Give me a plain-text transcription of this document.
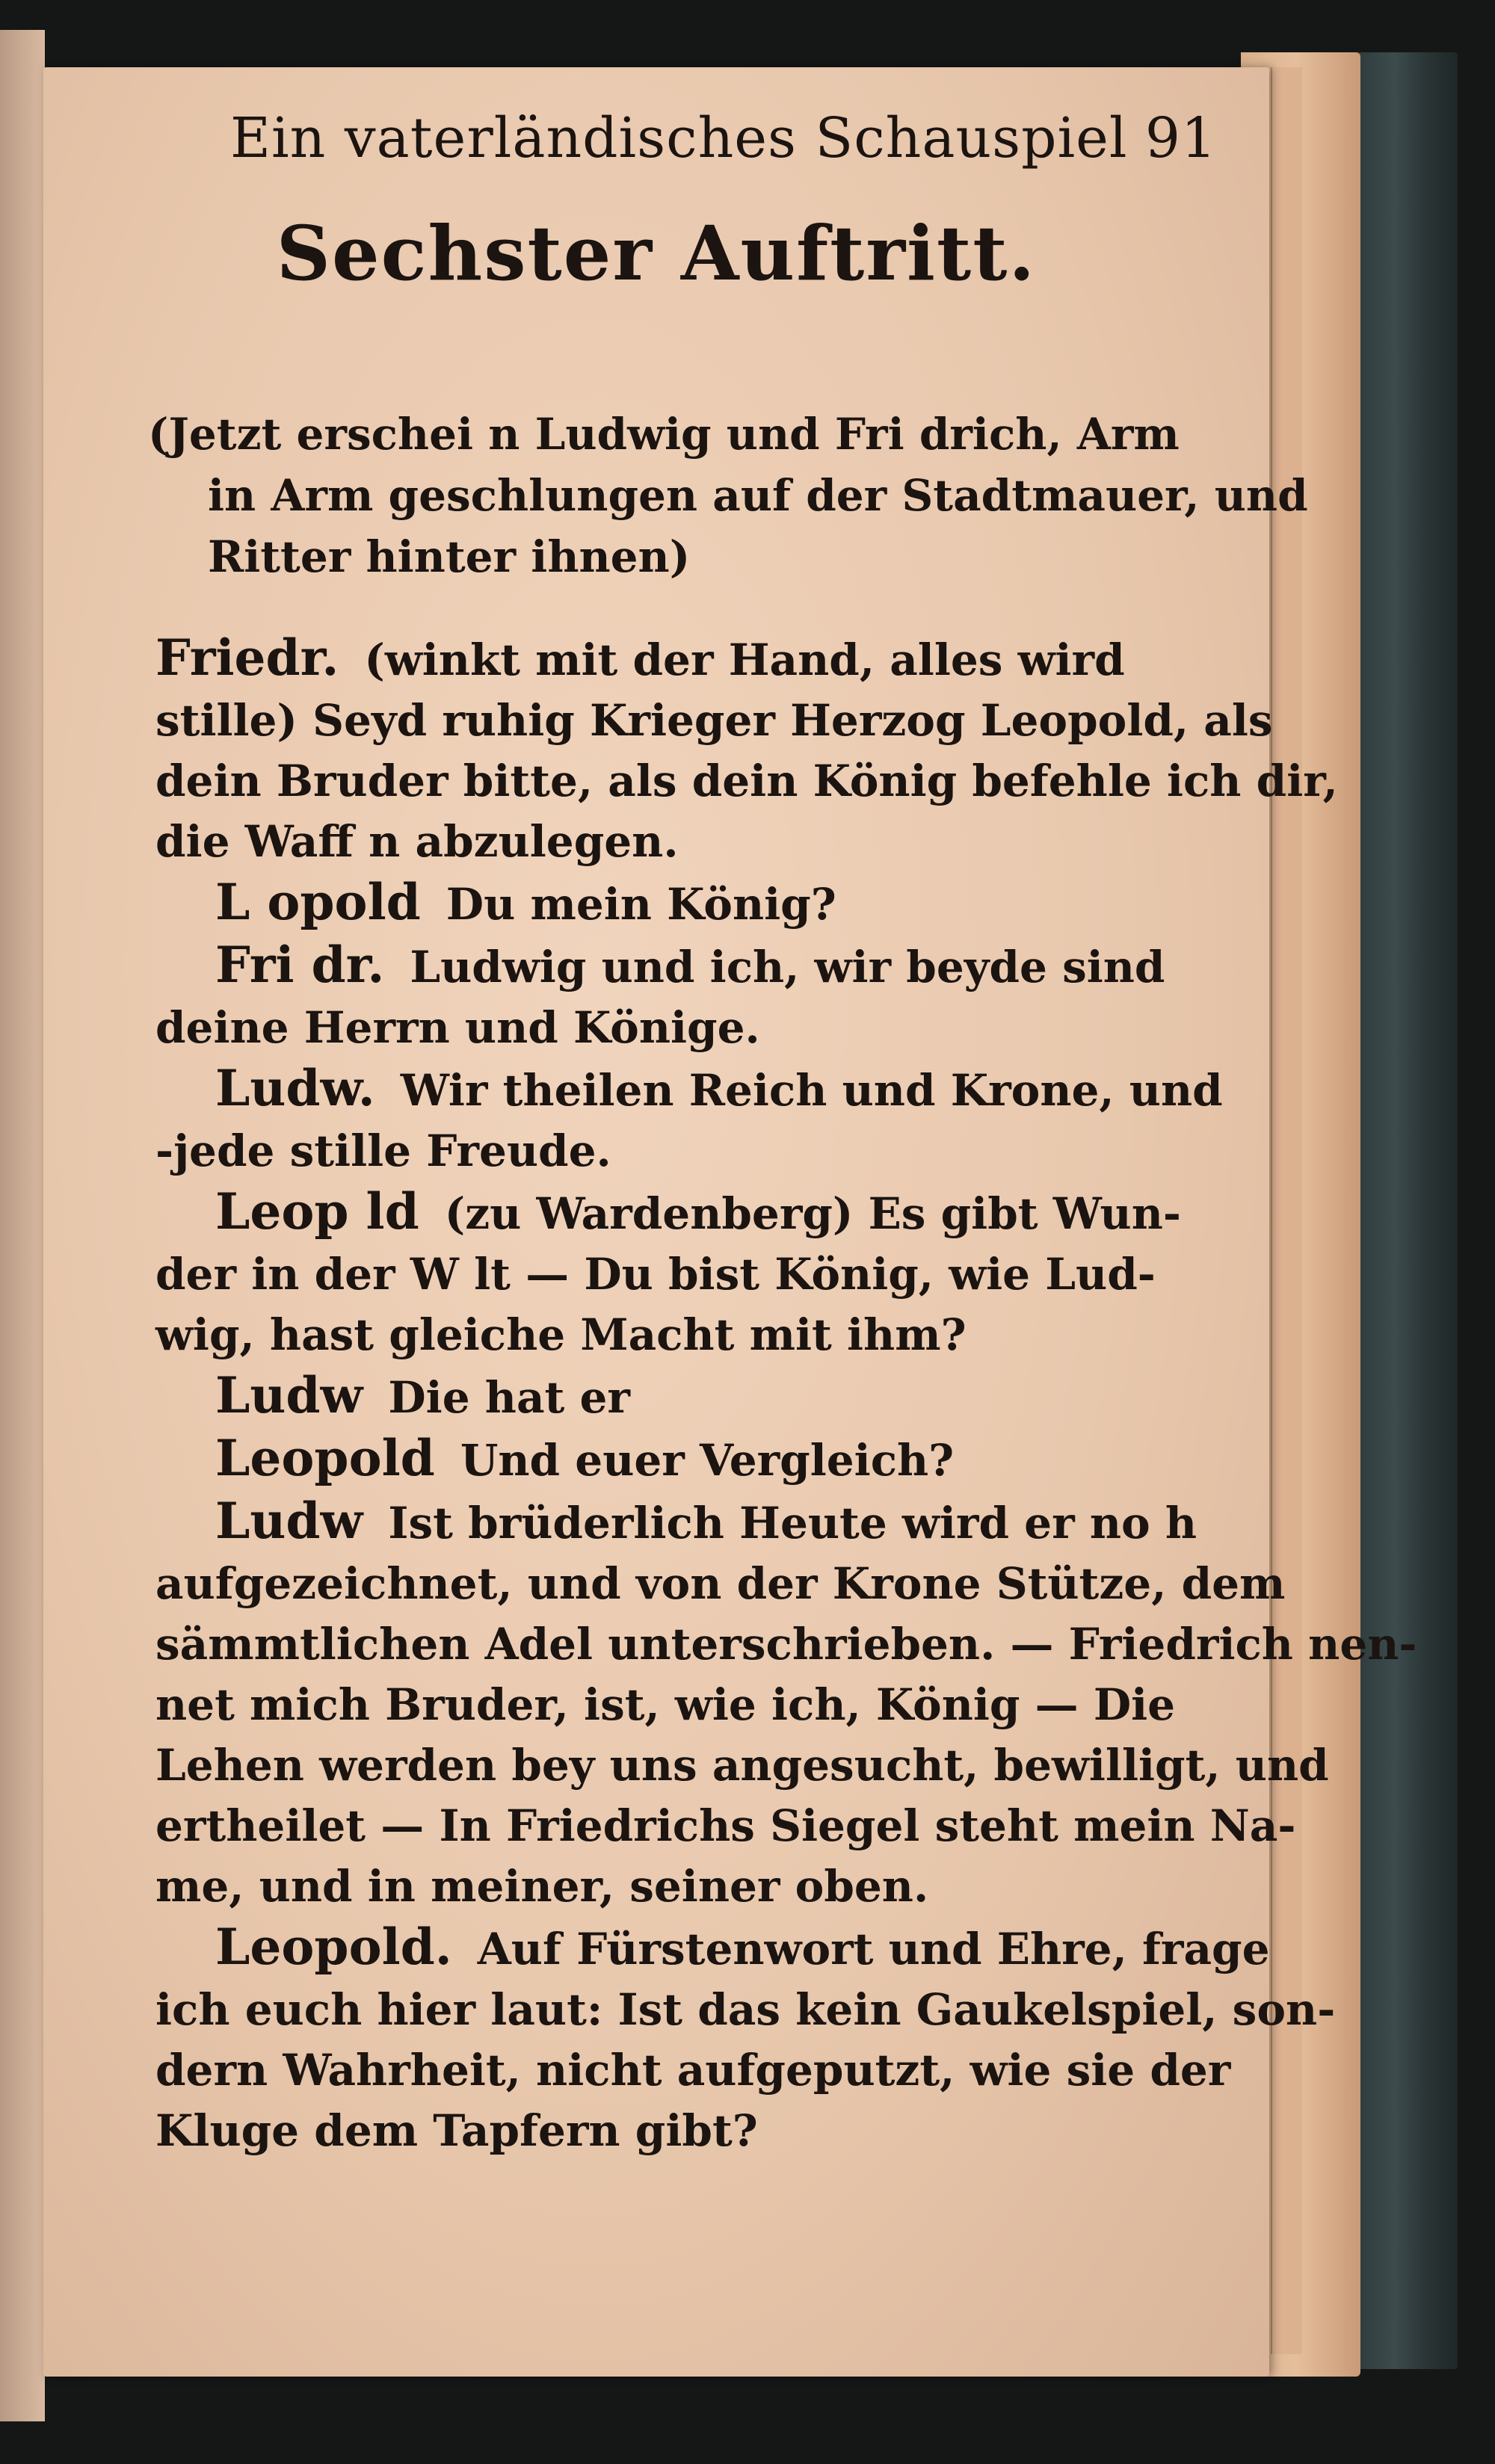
Ein vaterländisches Schauspiel 91
Sechster Auftritt.
(Jetzt erschei n Ludwig und Fri drich, Arm
in Arm geschlungen auf der Stadtmauer, und
Ritter hinter ihnen)
Friedr. (winkt mit der Hand, alles wird
stille) Seyd ruhig Krieger Herzog Leopold, als
dein Bruder bitte, als dein König befehle ich dir,
die Waff n abzulegen.
L opold Du mein König?
Fri dr. Ludwig und ich, wir beyde sind
deine Herrn und Könige.
Ludw. Wir theilen Reich und Krone, und
-jede stille Freude.
Leop ld (zu Wardenberg) Es gibt Wun-
der in der W lt — Du bist König, wie Lud-
wig, hast gleiche Macht mit ihm?
Ludw Die hat er
Leopold Und euer Vergleich?
Ludw Ist brüderlich Heute wird er no h
aufgezeichnet, und von der Krone Stütze, dem
sämmtlichen Adel unterschrieben. — Friedrich nen-
net mich Bruder, ist, wie ich, König — Die
Lehen werden bey uns angesucht, bewilligt, und
ertheilet — In Friedrichs Siegel steht mein Na-
me, und in meiner, seiner oben.
Leopold. Auf Fürstenwort und Ehre, frage
ich euch hier laut: Ist das kein Gaukelspiel, son-
dern Wahrheit, nicht aufgeputzt, wie sie der
Kluge dem Tapfern gibt?
